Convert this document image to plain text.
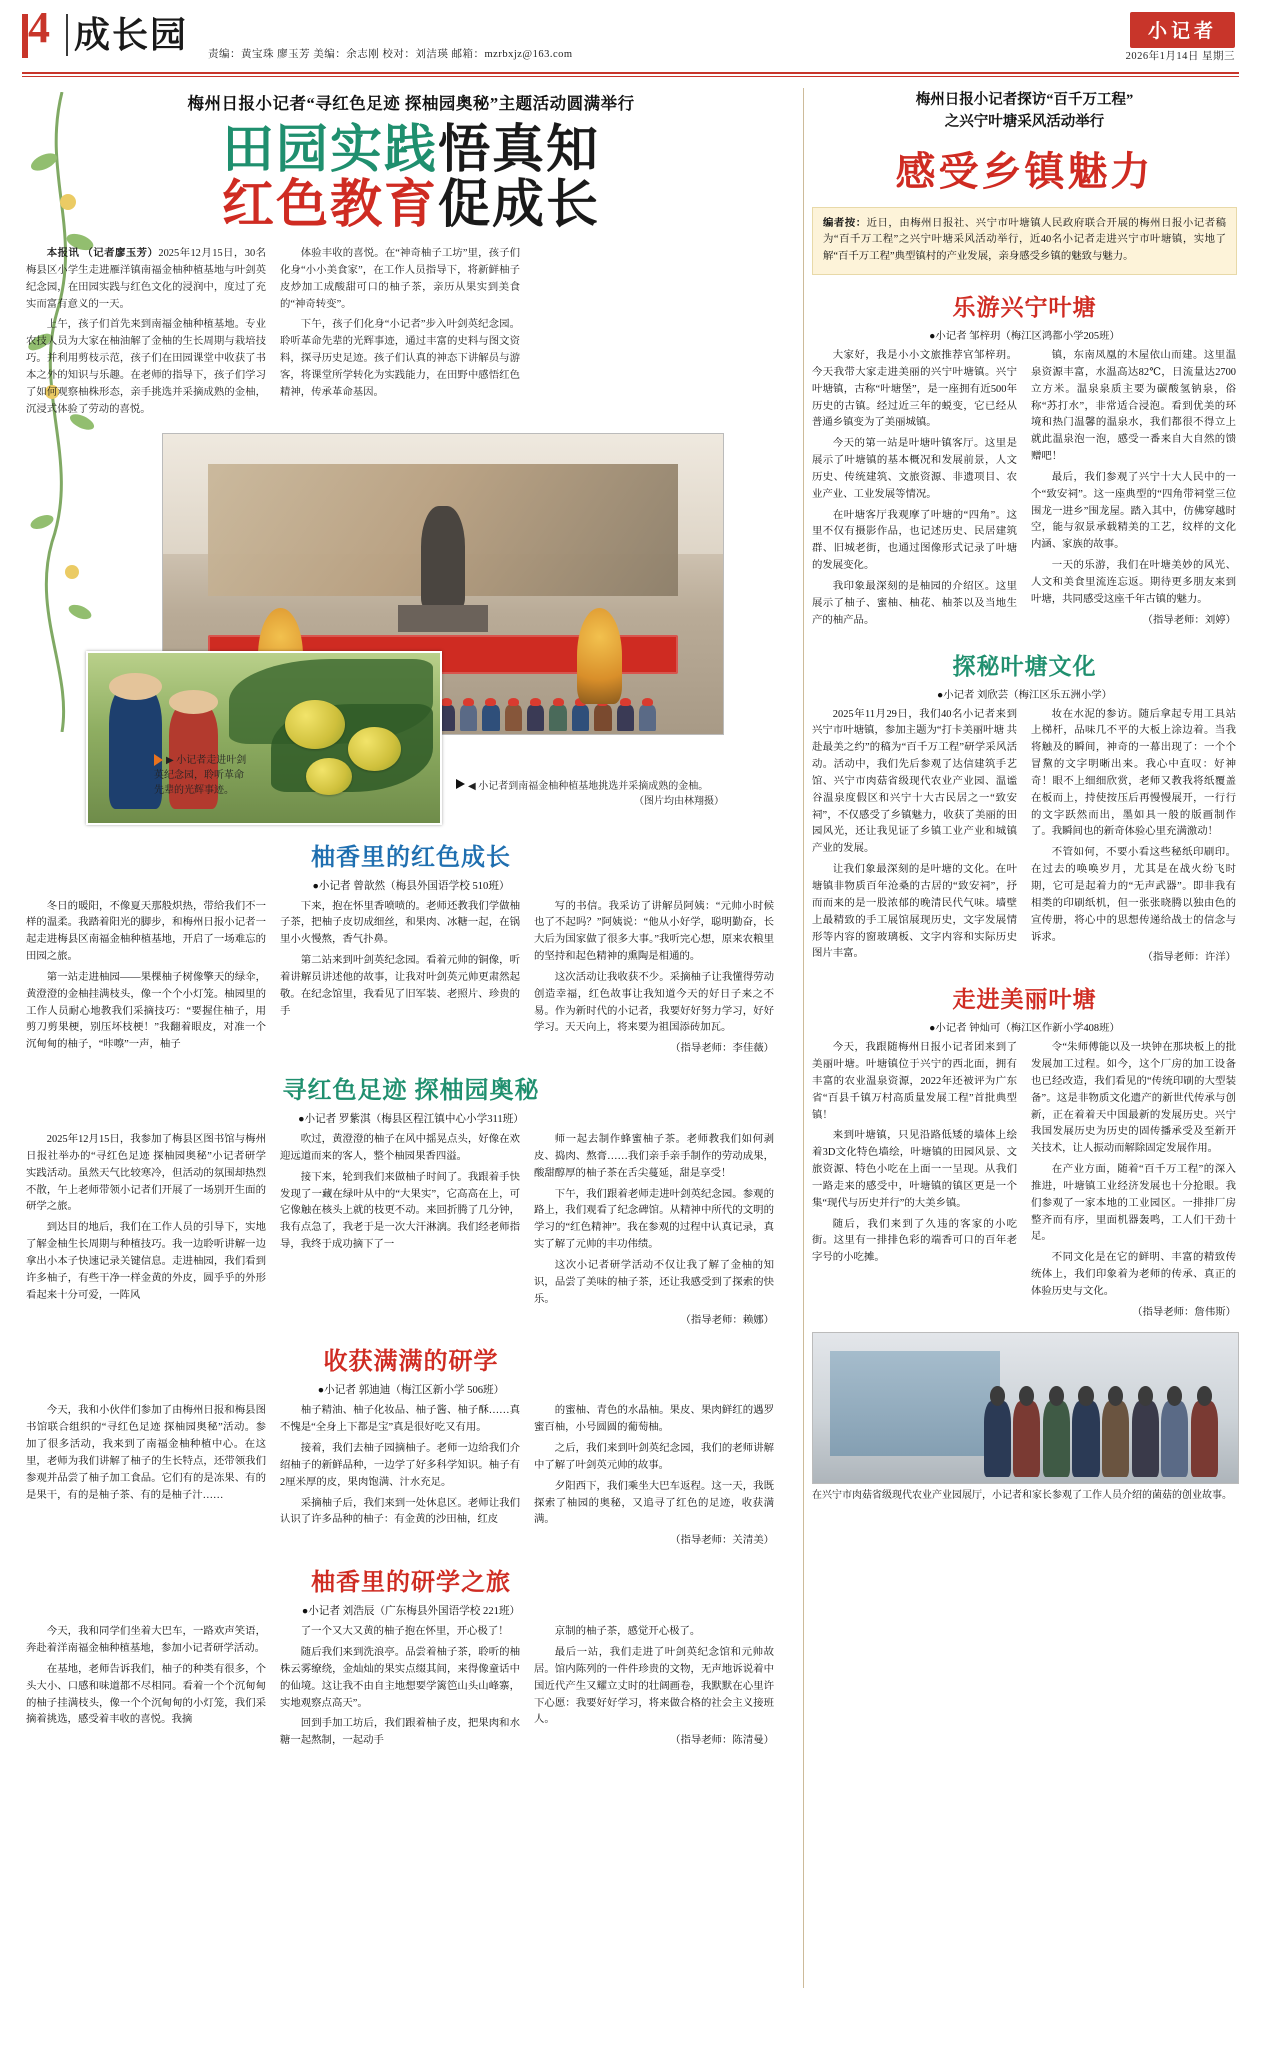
4 成长园 责编：黄宝珠 廖玉芳 美编：余志刚 校对：刘洁瑛 邮箱：mzrbxjz@163.com
小记者
2026年1月14日 星期三
梅州日报小记者“寻红色足迹 探柚园奥秘”主题活动圆满举行
田园实践悟真知
红色教育促成长

本报讯 （记者廖玉芳）2025年12月15日，30名梅县区小学生走进雁洋镇南福金柚种植基地与叶剑英纪念园，在田园实践与红色文化的浸润中，度过了充实而富有意义的一天。

上午，孩子们首先来到南福金柚种植基地。专业农技人员为大家在柚油解了金柚的生长周期与栽培技巧。并利用剪枝示范，孩子们在田园课堂中收获了书本之外的知识与乐趣。在老师的指导下，孩子们学习了如何观察柚株形态，亲手挑选并采摘成熟的金柚，沉浸式体验了劳动的喜悦。

体验丰收的喜悦。在“神奇柚子工坊”里，孩子们化身“小小美食家”，在工作人员指导下，将新鲜柚子皮炒加工成酸甜可口的柚子茶，亲历从果实到美食的“神奇转变”。

下午，孩子们化身“小记者”步入叶剑英纪念园。聆听革命先辈的光辉事迹，通过丰富的史料与图文资料，探寻历史足迹。孩子们认真的神态下讲解员与游客，将课堂所学转化为实践能力，在田野中感悟红色精神，传承革命基因。

▶ 小记者走进叶剑英纪念园，聆听革命先辈的光辉事迹。	◀ 小记者到南福金柚种植基地挑选并采摘成熟的金柚。
（图片均由林翔摄）
柚香里的红色成长
●小记者 曾歆然（梅县外国语学校 510班）

冬日的暖阳，不像夏天那般炽热，带给我们不一样的温柔。我踏着阳光的脚步，和梅州日报小记者一起走进梅县区南福金柚种植基地，开启了一场难忘的田园之旅。

第一站走进柚园——果棵柚子树像擎天的绿伞，黄澄澄的金柚挂满枝头，像一个个小灯笼。柚园里的工作人员耐心地教我们采摘技巧：“要握住柚子，用剪刀剪果梗，别压坏枝梗！”我翻着眼皮，对准一个沉甸甸的柚子，“咔嚓”一声，柚子

下来，抱在怀里香喷喷的。老师还教我们学做柚子茶，把柚子皮切成细丝，和果肉、冰糖一起，在锅里小火慢熬，香气扑鼻。

第二站来到叶剑英纪念园。看着元帅的铜像，听着讲解员讲述他的故事，让我对叶剑英元帅更肃然起敬。在纪念馆里，我看见了旧军装、老照片、珍贵的手

写的书信。我采访了讲解员阿姨：“元帅小时候也了不起吗？”阿姨说：“他从小好学，聪明勤奋，长大后为国家做了很多大事。”我听完心想，原来农粮里的坚持和起色精神的熏陶是相通的。

这次活动让我收获不少。采摘柚子让我懂得劳动创造幸福，红色故事让我知道今天的好日子来之不易。作为新时代的小记者，我要好好努力学习，好好学习。天天向上，将来要为祖国添砖加瓦。

（指导老师：李佳薇）
寻红色足迹 探柚园奥秘
●小记者 罗紫淇（梅县区程江镇中心小学311班）

2025年12月15日，我参加了梅县区图书馆与梅州日报社举办的“寻红色足迹 探柚园奥秘”小记者研学实践活动。虽然天气比较寒冷，但活动的氛围却热烈不散，午上老师带领小记者们开展了一场别开生面的研学之旅。

到达目的地后，我们在工作人员的引导下，实地了解金柚生长周期与种植技巧。我一边聆听讲解一边拿出小本子快速记录关键信息。走进柚园，我们看到许多柚子，有些干净一样金黄的外皮，圆乎乎的外形看起来十分可爱，一阵风

吹过，黄澄澄的柚子在风中摇晃点头，好像在欢迎远道而来的客人，整个柚园果香四溢。

接下来，轮到我们来做柚子时间了。我跟着手快发现了一藏在绿叶从中的“大果实”，它高高在上，可它像触在核头上就的枝更不动。来回折腾了几分钟，我有点急了，我老于是一次大汗淋漓。我们经老师指导，我终于成功摘下了一

师一起去制作蜂蜜柚子茶。老师教我们如何剥皮、捣肉、熬膏……我们亲手亲手制作的劳动成果，酸甜醇厚的柚子茶在舌尖蔓延，甜是享受！

下午，我们跟着老师走进叶剑英纪念园。参观的路上，我们观看了纪念碑馆。从精神中所代的文明的学习的“红色精神”。我在参观的过程中认真记录，真实了解了元帅的丰功伟绩。

这次小记者研学活动不仅让我了解了金柚的知识，品尝了美味的柚子茶，还让我感受到了探索的快乐。

（指导老师：赖娜）
收获满满的研学
●小记者 郭迪迪（梅江区新小学 506班）

今天，我和小伙伴们参加了由梅州日报和梅县图书馆联合组织的“寻红色足迹 探柚园奥秘”活动。参加了很多活动，我来到了南福金柚种植中心。在这里，老师为我们讲解了柚子的生长特点，还带领我们参观并品尝了柚子加工食品。它们有的是冻果、有的是果干，有的是柚子茶、有的是柚子汁……

柚子精油、柚子化妆品、柚子酱、柚子酥……真不愧是“全身上下都是宝”真是很好吃又有用。

接着，我们去柚子园摘柚子。老师一边给我们介绍柚子的新鲜品种，一边学了好多科学知识。柚子有2厘米厚的皮，果肉饱满、汁水充足。

采摘柚子后，我们来到一处休息区。老师让我们认识了许多品种的柚子：有金黄的沙田柚，红皮

的蜜柚、青色的水晶柚。果皮、果肉鲜红的遇罗蜜百柚，小号圆圆的葡萄柚。

之后，我们来到叶剑英纪念园，我们的老师讲解中了解了叶剑英元帅的故事。

夕阳西下，我们乘坐大巴车返程。这一天，我既探索了柚园的奥秘，又追寻了红色的足迹，收获满满。

（指导老师：关清美）
柚香里的研学之旅
●小记者 刘浩辰（广东梅县外国语学校 221班）

今天，我和同学们坐着大巴车，一路欢声笑语，奔赴着洋南福金柚种植基地，参加小记者研学活动。

在基地，老师告诉我们，柚子的种类有很多，个头大小、口感和味道都不尽相同。看着一个个沉甸甸的柚子挂满枝头，像一个个沉甸甸的小灯笼，我们采摘着挑选，感受着丰收的喜悦。我摘

了一个又大又黄的柚子抱在怀里，开心极了！

随后我们来到洗浪亭。品尝着柚子茶，聆听的柚株云雾缭绕，金灿灿的果实点缀其间，来得像童话中的仙境。这让我不由自主地想要学篱笆山头山峰寨，实地观察点高天”。

回到手加工坊后，我们跟着柚子皮，把果肉和水糖一起熬制，一起动手

京制的柚子茶，感觉开心极了。

最后一站，我们走进了叶剑英纪念馆和元帅故居。馆内陈列的一件件珍贵的文物，无声地诉说着中国近代产生又耀立丈时的壮阔画卷，我默默在心里许下心愿：我要好好学习，将来做合格的社会主义接班人。

（指导老师：陈清曼）
梅州日报小记者探访“百千万工程”
之兴宁叶塘采风活动举行
感受乡镇魅力
编者按：近日，由梅州日报社、兴宁市叶塘镇人民政府联合开展的梅州日报小记者稿为“百千万工程”之兴宁叶塘采风活动举行，近40名小记者走进兴宁市叶塘镇，实地了解“百千万工程”典型镇村的产业发展，亲身感受乡镇的魅致与魅力。
乐游兴宁叶塘
●小记者 邹梓玥（梅江区鸿都小学205班）

大家好，我是小小文旅推荐官邹梓玥。今天我带大家走进美丽的兴宁叶塘镇。兴宁叶塘镇，古称“叶塘堡”，是一座拥有近500年历史的古镇。经过近三年的蜕变，它已经从普通乡镇变为了美丽城镇。

今天的第一站是叶塘叶镇客厅。这里是展示了叶塘镇的基本概况和发展前景，人文历史、传统建筑、文旅资源、非遗项目、农业产业、工业发展等情况。

在叶塘客厅我观摩了叶塘的“四角”。这里不仅有摄影作品，也记述历史、民居建筑群、旧城老街，也通过图像形式记录了叶塘的发展变化。

我印象最深刻的是柚园的介绍区。这里展示了柚子、蜜柚、柚花、柚茶以及当地生产的柚产品。

镇，东南凤凰的木屋依山而建。这里温泉资源丰富，水温高达82℃，日流量达2700立方米。温泉泉质主要为碳酸氢钠泉，俗称“苏打水”，非常适合浸泡。看到优美的环境和热门温馨的温泉水，我们都很不得立上就此温泉泡一泡，感受一番来自大自然的馈赠吧！

最后，我们参观了兴宁十大人民中的一个“致安祠”。这一座典型的“四角带祠堂三位围龙一进乡”围龙屋。踏入其中，仿佛穿越时空，能与叙景承载精美的工艺，纹样的文化内涵、家族的故事。

一天的乐游，我们在叶塘美妙的风光、人文和美食里流连忘返。期待更多朋友来到叶塘，共同感受这座千年古镇的魅力。

（指导老师：刘婷）
探秘叶塘文化
●小记者 刘欣芸（梅江区乐五洲小学）

2025年11月29日，我们40名小记者来到兴宁市叶塘镇，参加主题为“打卡美丽叶塘 共赴最美之约”的稿为“百千万工程”研学采风活动。活动中，我们先后参观了达信建筑手艺馆、兴宁市肉菇省级现代农业产业园、温谧谷温泉度假区和兴宁十大古民居之一“致安祠”，不仅感受了乡镇魅力，收获了美丽的田园风光，还让我见证了乡镇工业产业和城镇产业的发展。

让我们象最深刻的是叶塘的文化。在叶塘镇非物质百年沧桑的古居的“致安祠”，抒而而来的是一股浓郁的晚清民代气味。墙壁上最精致的手工展馆展现历史，文字发展情形等内容的窗玻璃板、文字内容和实际历史图片丰富。

妆在水泥的参访。随后拿起专用工具站上梯杆，品味几不平的大板上涂边着。当我将触及的瞬间，神奇的一幕出现了：一个个冒黧的文字明晰出来。我心中直叹：好神奇！眼不上细细欣赏，老师又教我将纸覆盖在板而上，持使按压后再慢慢展开，一行行的文字跃然而出，墨如具一般的版画制作了。我瞬间也的新奇体验心里充满激动！

不管如何，不要小看这些秘纸印刷印。在过去的唤唤岁月，尤其是在战火纷飞时期，它可是起着力的“无声武器”。即非我有相类的印刷纸机，但一张张晓腾以独由色的宣传册，将心中的思想传递给战士的信念与诉求。

（指导老师：许洋）
走进美丽叶塘
●小记者 钟灿可（梅江区作新小学408班）

今天，我跟随梅州日报小记者团来到了美丽叶塘。叶塘镇位于兴宁的西北面，拥有丰富的农业温泉资源，2022年还被评为广东省“百县千镇万村高质量发展工程”首批典型镇！

来到叶塘镇，只见沿路低矮的墙体上绘着3D文化特色墙绘，叶塘镇的田园风景、文旅资源、特色小吃在上面一一呈现。从我们一路走来的感受中，叶塘镇的镇区更是一个集“现代与历史并行”的大美乡镇。

随后，我们来到了久违的客家的小吃街。这里有一排排色彩的端香可口的百年老字号的小吃摊。

令“朱师傅能以及一块钟在那块板上的批发展加工过程。如今，这个厂房的加工设备也已经改造，我们看见的“传统印刷的大型装备”。这是非物质文化遗产的新世代传承与创新，正在着着天中国最新的发展历史。兴宁我国发展历史为历史的固传播承受及至新开关技术，让人振动而解除固定发展作用。

在产业方面，随着“百千万工程”的深入推进，叶塘镇工业经济发展也十分抢眼。我们参观了一家本地的工业园区。一排排厂房整齐而有序，里面机器轰鸣，工人们干劲十足。

不同文化是在它的鲜明、丰富的精致传统体上，我们印象着为老师的传承、真正的体验历史与文化。

（指导老师：詹伟斯）
在兴宁市肉菇省级现代农业产业园展厅，小记者和家长参观了工作人员介绍的菌菇的创业故事。
